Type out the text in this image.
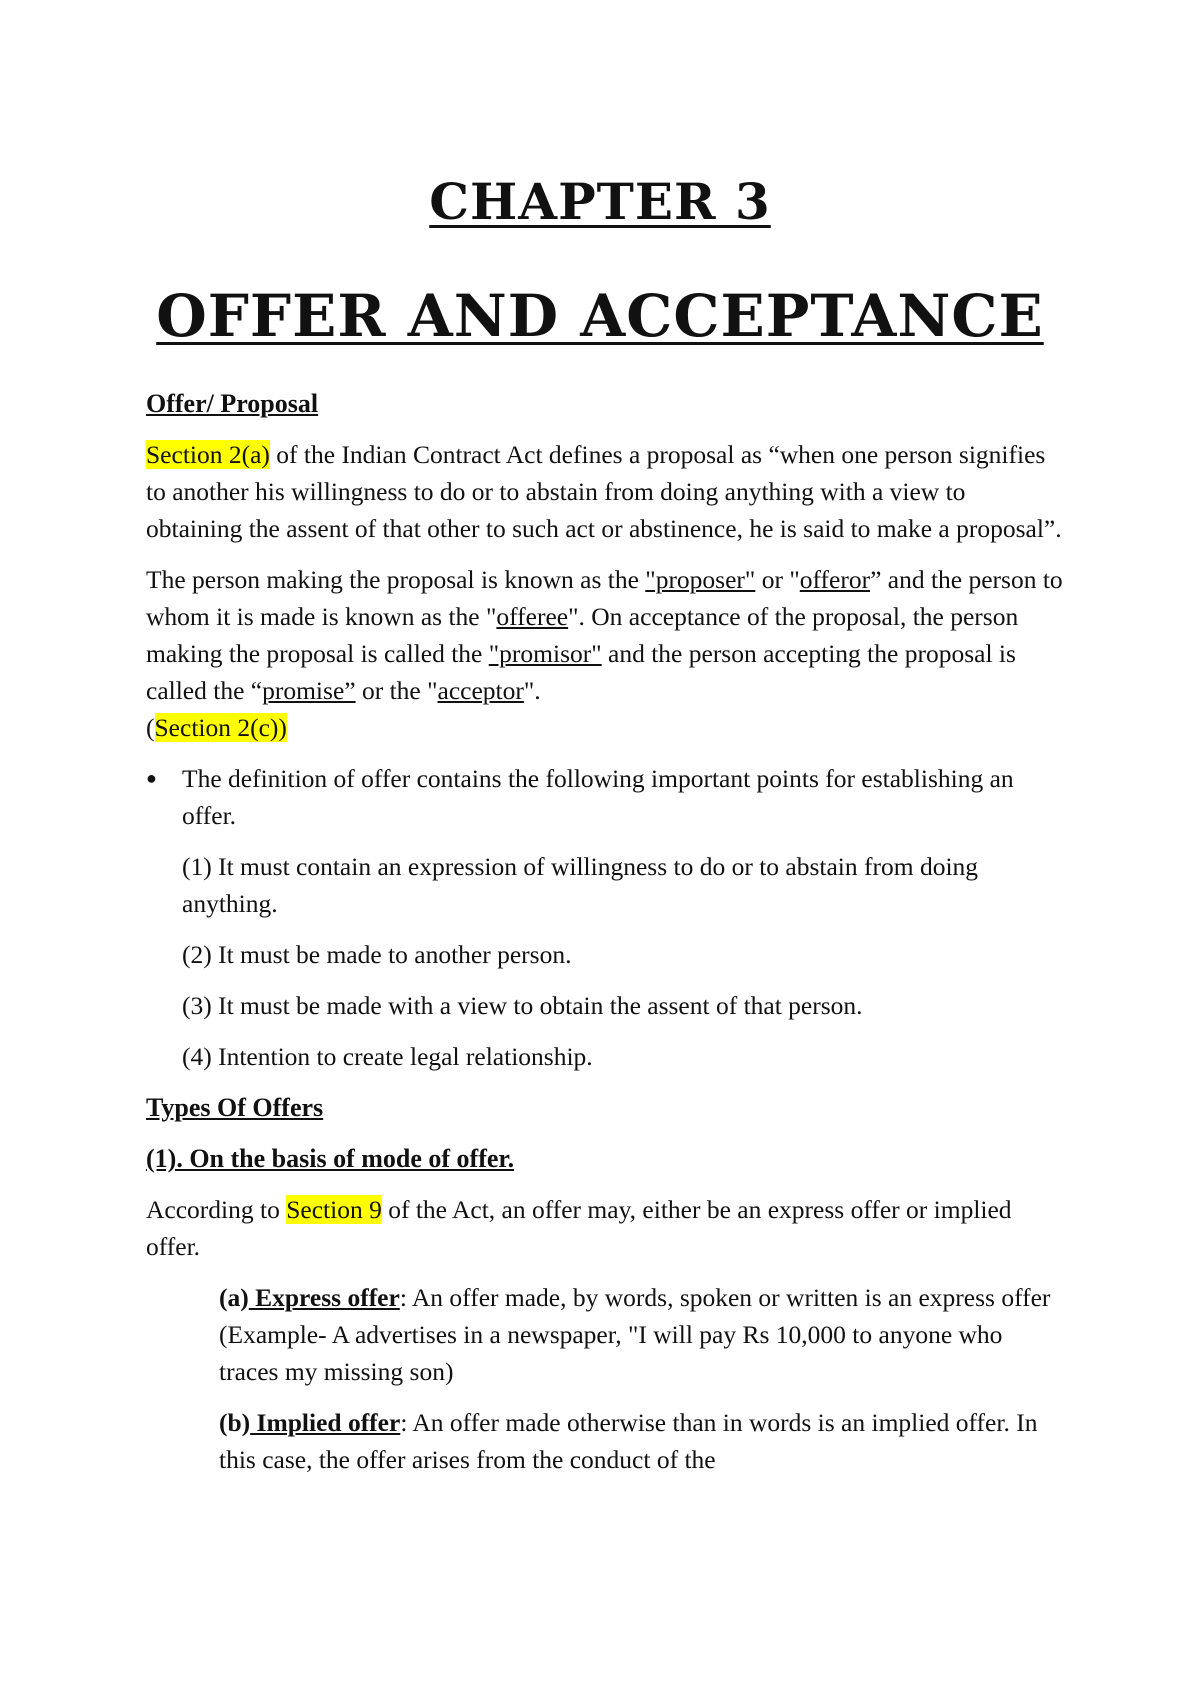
CHAPTER 3
OFFER AND ACCEPTANCE
Offer/ Proposal

Section 2(a) of the Indian Contract Act defines a proposal as “when one person signifies to another his willingness to do or to abstain from doing anything with a view to obtaining the assent of that other to such act or abstinence, he is said to make a proposal”.

The person making the proposal is known as the "proposer" or "offeror” and the person to whom it is made is known as the "offeree". On acceptance of the proposal, the person making the proposal is called the "promisor" and the person accepting the proposal is called the “promise” or the "acceptor".
(Section 2(c))

● The definition of offer contains the following important points for establishing an offer.

(1) It must contain an expression of willingness to do or to abstain from doing anything.

(2) It must be made to another person.

(3) It must be made with a view to obtain the assent of that person.

(4) Intention to create legal relationship.

Types Of Offers
(1). On the basis of mode of offer.

According to Section 9 of the Act, an offer may, either be an express offer or implied offer.

(a) Express offer: An offer made, by words, spoken or written is an express offer (Example- A advertises in a newspaper, "I will pay Rs 10,000 to anyone who traces my missing son)

(b) Implied offer: An offer made otherwise than in words is an implied offer. In this case, the offer arises from the conduct of the
